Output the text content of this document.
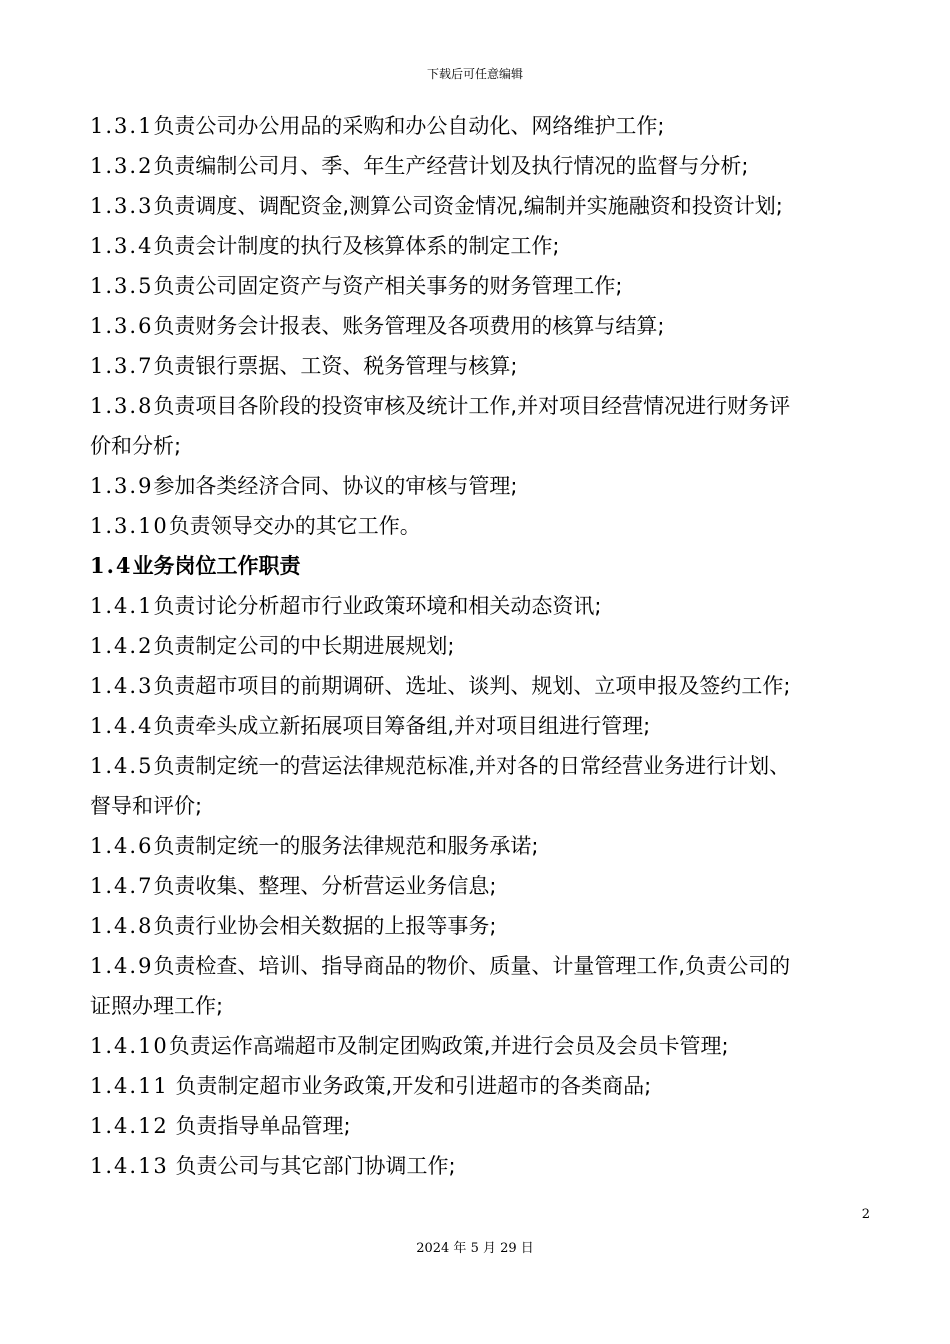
下载后可任意编辑
1.3.1负责公司办公用品的采购和办公自动化、网络维护工作;
1.3.2负责编制公司月、季、年生产经营计划及执行情况的监督与分析;
1.3.3负责调度、调配资金,测算公司资金情况,编制并实施融资和投资计划;
1.3.4负责会计制度的执行及核算体系的制定工作;
1.3.5负责公司固定资产与资产相关事务的财务管理工作;
1.3.6负责财务会计报表、账务管理及各项费用的核算与结算;
1.3.7负责银行票据、工资、税务管理与核算;
1.3.8负责项目各阶段的投资审核及统计工作,并对项目经营情况进行财务评
价和分析;
1.3.9参加各类经济合同、协议的审核与管理;
1.3.10负责领导交办的其它工作。
1.4业务岗位工作职责
1.4.1负责讨论分析超市行业政策环境和相关动态资讯;
1.4.2负责制定公司的中长期进展规划;
1.4.3负责超市项目的前期调研、选址、谈判、规划、立项申报及签约工作;
1.4.4负责牵头成立新拓展项目筹备组,并对项目组进行管理;
1.4.5负责制定统一的营运法律规范标准,并对各的日常经营业务进行计划、
督导和评价;
1.4.6负责制定统一的服务法律规范和服务承诺;
1.4.7负责收集、整理、分析营运业务信息;
1.4.8负责行业协会相关数据的上报等事务;
1.4.9负责检查、培训、指导商品的物价、质量、计量管理工作,负责公司的
证照办理工作;
1.4.10负责运作高端超市及制定团购政策,并进行会员及会员卡管理;
1.4.11 负责制定超市业务政策,开发和引进超市的各类商品;
1.4.12 负责指导单品管理;
1.4.13 负责公司与其它部门协调工作;
2
2024 年 5 月 29 日
